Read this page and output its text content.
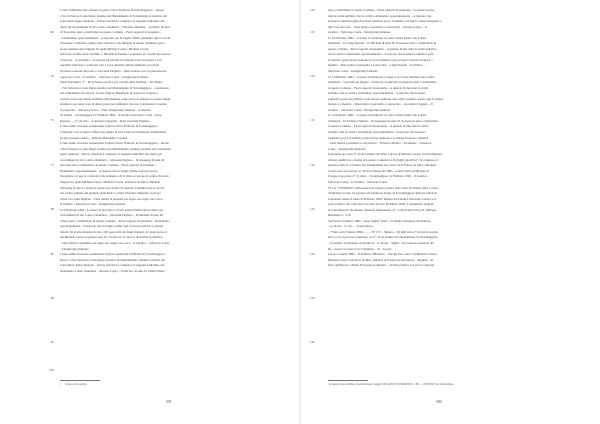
L'anno millecinecento-settanta al giorno Nove Febbraio in Torremaggiore – furono
a Vos Salvatore Conte Regio Giudice del Mandamento di Torremaggiore assistito dal
Cancelliere signor Iannone – Previa citazione è comparso il sequente individuo che
dietro gli avvertimenti di rito è detto chiamarsi – Vincenzo Mezzina, – fu Pietro di anni
22 bracciale, nato e domiciliato in questo Comune – Fuori rapporti di parentela –
– Domandato opportunamente – A risposte che in Luglio ultimo guidando egli la caccia
di Gaetano Lamedica, giunto alla contrada Colle fumante in questo tenimento gli si
fecero innanzi sette briganti fra quali Michele Caruso, Michele Coscia,
Salvatore de Meo alias Nardillo, e Michele di Pasqua e si presero tre cavalli che portava
a bisaccia – A domanda – A risposte gli gli altri tre briganti erano forestieri e non
saprebbe indicarne i connotati. Che a poca distanza dall'avvenimento trovavasi
il pastore Gaetano Iacovino e Giovanni Pagliaro – Detto lettera e poi in presenza suo
segno suo croce – Il Giudice – Salvatore Conte – Donj(nome) Iannone
Titolo Ferrandio. 2ª – Fu la Guerra di Oz e per volontà della Nazione – Re d'Italia
– Noi Salvatore Conte Regio Giudice del Mandamento di Torremaggiore – considerato
nel ordinamento di scrivere: Grazie Signore Benefiglio di essere ad occupare i
verbale con le più ampie veridiche affermazioni come aveva in pensiero in questo Regio
Giudicato per tener sotto in alluso penal procedimento che non comparendo io tenuto
in proposito – Salvatore Conte – Fatto Donj(nome) Iannone – A risposte
da notizia – Torremaggiore 9 Febbraio 1862 – Il Giudice Salvatore Conte – Donj
Iannone — (*) da ritro – A Antonio Lupatelli – Donj Giovanni Pagliaro –
L'anno mille ottocento sessantadue il giorno Nove Febbraio in Torremaggiore
Comparsi a noi il questo Ufficio per tempo di sera voluto procedimento testimoniale
ed alla presente cedola – Raffaele Benedello Cosenza
L'anno mille ottocento sessantadue il giorno Nove Febbraio in Torremaggiore – furono
a Noi Salvatore Conte Regio Giudice del Mandamento suddetto assistito dal Cancelliere
signor Iannone – Previa citazione è comparso il seguente individuo che dietro gli
avvertimenti di rito è detto chiamarsi – Giovanni Pagliaro – fu Giuseppe di anni 40
bracciale nato e domiciliato in questo Comune – Fuori rapporti di parentela –
Domandato opportunamente – A risposte che in Luglio ultimo egli trovavasi a
travagliare col suo ai contrada Colle fumante e di là ebbe occasione di vedere che sette
briganti fra quali Michele Caruso, Michele Coscia, Salvatore de Meo e Michele
di Pasqua di qua. Li notarono presso un cavallo di Gaetano Lamedica che la caccia
che veniva guidata dal guidone della mano a stretta Vincenzo Mezzina, fu di per
salvar Giovanni Pagliaro – Data lettura la presente per segno suo segno sua croce –
Il Giudice – Salvatore Conte – Donj(nome) Iannone
Lì 9 Febbraio 1862 – Lorenzo di Iacovino è il fatto armato Pelino che la dietro gli
avvertimenti di rito è detto chiamarsi – Giovanni Pagliaro – fu Michele di anni 46
colono nato e domiciliato in questo Comune – Fuori rapporti di parentela – Domandato
opportunamente – A risposto che in Luglio ultimo egli trovavasi nell'atto contrada
Salotti. Di là alla distanza di circa 100 passi vidi che fatuti briganti, de' quali fecero il
nel Michele Caruso si presero uno de' cavalli con la caracca di Gaetano Lamedica
– Data lettura è persistito per segno suo segno sua croce – Il Giudice – Salvatore Conte
– Donj(nome) Iannone
L'anno mille ottocento sessantadue il giorno quattordici Febbraio in Torremaggiore –
furono a Noi Salvatore Conte Regio Giudice del Mandamento suddetto assistito dal
Cancelliere signor Iannone – Previa citazione è comparso il seguente individuo che
domandato è detto chiamarsi – Antonio Lippo – fu Nicola, di anni 34, Ortino Pietro,
60
65
70
75
80
85
90
95
100
1 Come scritto prima
305
nato e domiciliato in questo Comune – Fuori rapporti di parentela – A quando di due
tutti la verità nell'altro che la verità e domandato opportunamente – A risposto che
Gaetano Lamedica guida fu buona opinione prova il pubblico ed egli lo videro insegnare a
dire cose non vere – Data lettura è persistito e sottoscritto – Antonio Lippo – Il
Giudice – Salvatore Conte – Donj(nome) Iannone
Lì 14 Febbraio 1862 – Lorenzo il testimone si è fatto venire Pelino che è detto
chiamarsi – D. Luigi Pasterli – fu Michele di anni 39, Possessore nato e domiciliato in
questo Comune – Fuori rapporti di parentela – A quando di due tutta la verità nell'altro
che la verità e domandato opportunamente – A risposto che Gaetano Lamedica gode
il pubblico gode buona opinione prova il pubblico (sic) ed egli lo ritiene incapace a
mentire – Data lettura è persistito e sottoscritto – Luigi Pasterli – Il Giudice –
Salvatore Conte – Donj(nome) Iannone
Lì 14 Febbraio 1862 – Lorenzo il testimone è venuto e si è fatto chiamare che è detto
chiamarsi – Giovanni de Angelo – fu Nicola di anni 36, proprietario nato e domiciliato
in questo Comune – Fuori rapporti di parentela – A quando di due tutta la verità
nell'altro che la verità e domandato opportunamente – A risposto che Gaetano
Lamedica gode nel pubblico gode buona opinione certo egli è reputato onesto egli lo ritiene
incapace a mentire – Data lettura è persistito e sottoscritto – Giovanni d'Angelo – Il
Giudice – Salvatore Conte – Donj(nome) Iannone
Lì 14 Febbraio 1862 – Lorenzo il testimone si è fatto venire Pelino che è detto
chiamarsi – D. Federico Marino – fu Giuseppe di anni 52, Possessore nato e domiciliato
in questo Comune – Fuori rapporti di parentela – A quando di dire tutta la verità
nell'altro che la verità e domandato opportunamente – A risposto che Gaetano
Lamedica prova il pubblico gode buona opinione e lo ritiene incapace a mentire
– Data lettura è persistito e sottoscritto – Federico Marino – Il Giudice – Salvatore
Conte – Donj(nome) Iannone¹
Il presente processo n° 43 di Carmine del 1861 a prova di Michele Caruso ed altri imputati
di furto qualificato a danno di Gaetano Lamedica è di (fogli) (dodici) n° 10 compreso il
presente oltre la covettina. Gli adempimenti nel contro di Salvatore de Meo e Michele
Coscia sono al processo n° 40 da Carmine del 1861, a quali contro di Michele di
Pasqua al processo n° 51 detto – Torremaggiore 14 Febbraio 1862 – Il Giudice –
Salvatore Conte – Il Giudice – Salvatore Conte
Vi è la *VISUMUS* dalla spese non segnato terzere nella carta 10 armata 1861 a carico
di Michele Caruso ed aspirato nel Giudicato Regio di Torremaggiore della provincia di
Capitanata datato il mese di Febbraio 1862² firmato dal Giudice Salvatore Conte e col
porte positivo del controllo/cs in data Lucera, 26 Marzo 1862, il pagamento eseguito
al Cancelliere D. Dormenico Iannone ammontante a L. 2,30 ed all'Usciere D. Raffaele
Benedello L. 5,76
San Severo 8 Marzo 1862 – Sono bagliu³ vedel – Il Giudice Istruttore di Istruttore
– G. Rossi – G. Tu... – [Cancellere]
– *Visto sotto* Marzo 1862 – – ... N° 175 – Signore – Di figli sotto n° tivolai tra poglio
fatto tocca il processo registrato col n° 43 da istruire nel mandamento di Torremaggiore
– Il Giudice Sostituendo di Istruttore – G. Rossi – Sigma – Procuratore Generale del
Re – presso la Gran Corte Criminale – di – Lucera
Lucera 2 Aprile 1862 – Il Pubblico Ministero – Vist gli atti a carico di Michele Caruso,
Michele Coscia, Salvatore de Meo, Michele di Pasqua ed altri ignoti – imputati – di
furto qualificato a danno di Gaetano Lamedica – Poiché positive è la prova contraria
100
105
110
115
120
125
130
135
140
² A destra in alto timbro, modificazione: leggere: DEGLISTI STORGENSE – NIL – OSTENTO GI Taciturnimo –
306
